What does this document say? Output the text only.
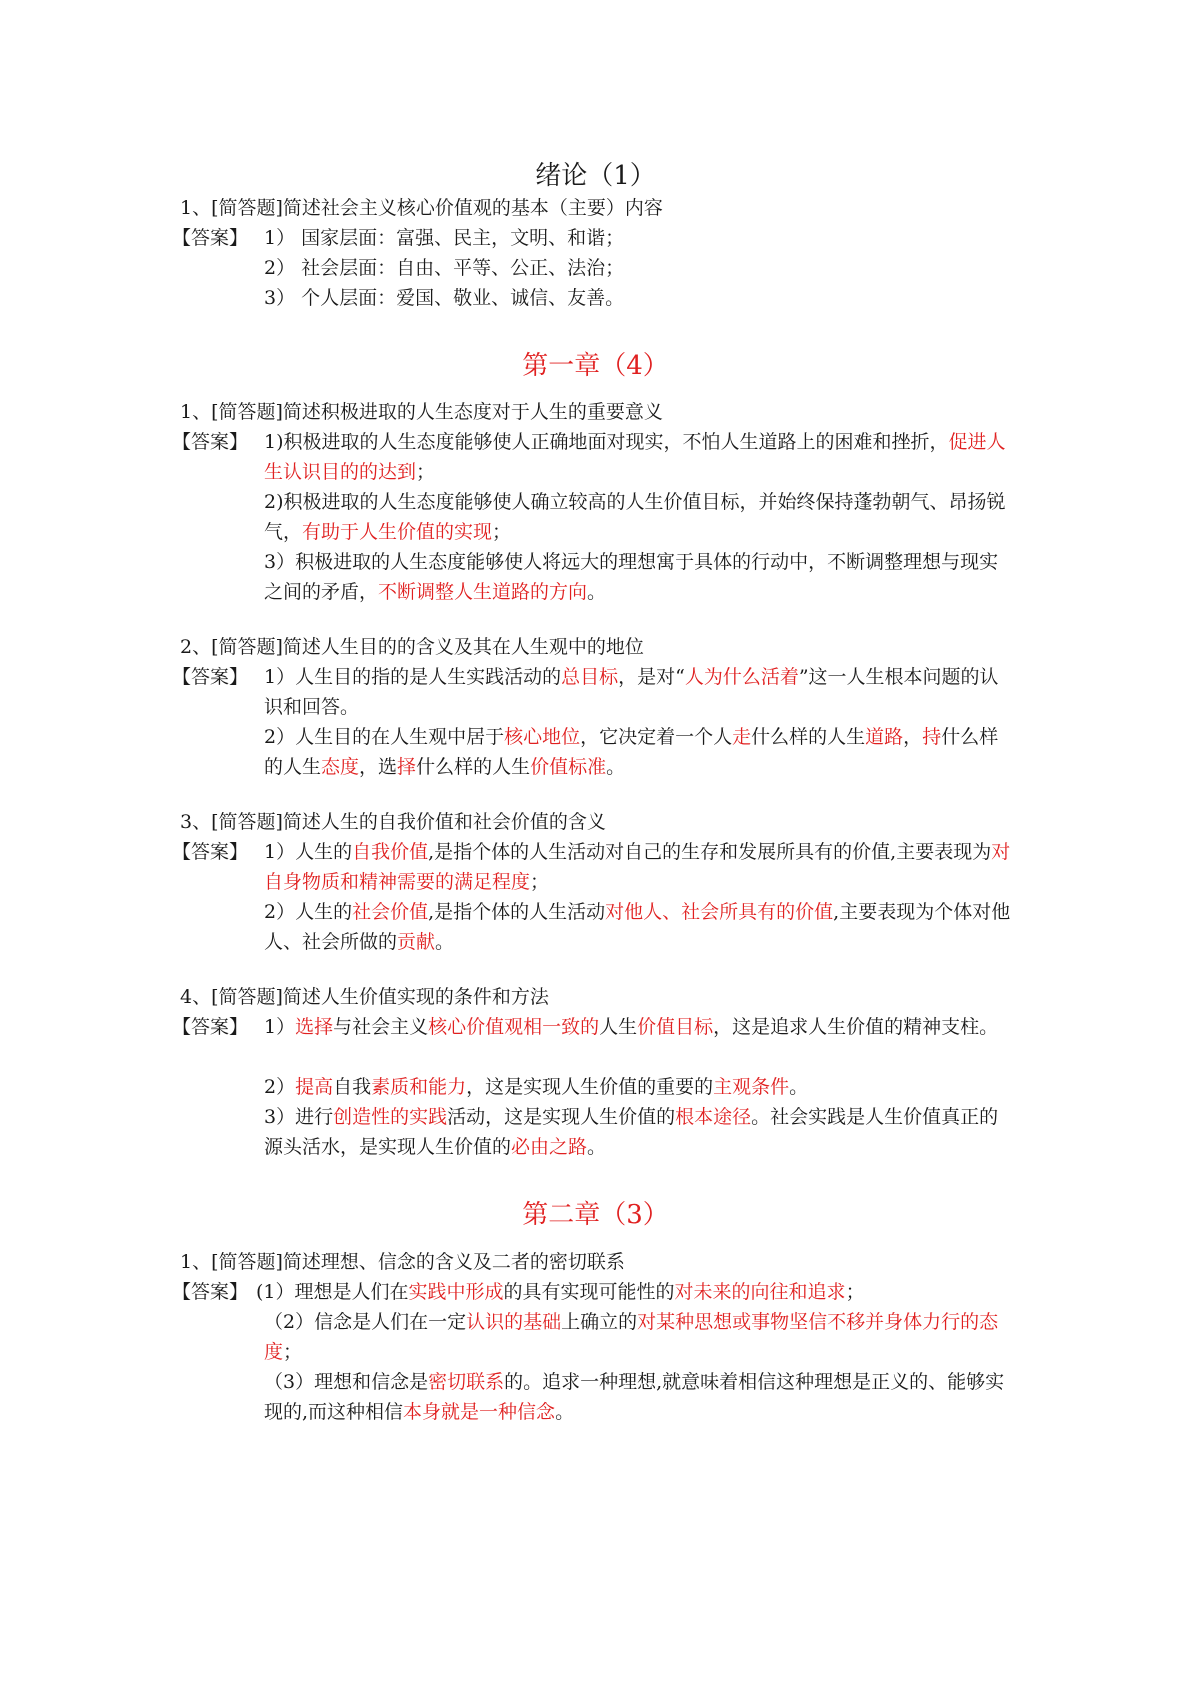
绪论（1）
1、[简答题]简述社会主义核心价值观的基本（主要）内容
【答案】 1） 国家层面：富强、民主，文明、和谐；
2） 社会层面：自由、平等、公正、法治；
3） 个人层面：爱国、敬业、诚信、友善。
第一章（4）
1、[简答题]简述积极进取的人生态度对于人生的重要意义
【答案】 1)积极进取的人生态度能够使人正确地面对现实，不怕人生道路上的困难和挫折，促进人生认识目的的达到；
2)积极进取的人生态度能够使人确立较高的人生价值目标，并始终保持蓬勃朝气、昂扬锐气，有助于人生价值的实现；
3）积极进取的人生态度能够使人将远大的理想寓于具体的行动中，不断调整理想与现实之间的矛盾，不断调整人生道路的方向。
2、[简答题]简述人生目的的含义及其在人生观中的地位
【答案】 1）人生目的指的是人生实践活动的总目标，是对“人为什么活着”这一人生根本问题的认识和回答。
2）人生目的在人生观中居于核心地位，它决定着一个人走什么样的人生道路，持什么样的人生态度，选择什么样的人生价值标准。
3、[简答题]简述人生的自我价值和社会价值的含义
【答案】 1）人生的自我价值,是指个体的人生活动对自己的生存和发展所具有的价值,主要表现为对自身物质和精神需要的满足程度；
2）人生的社会价值,是指个体的人生活动对他人、社会所具有的价值,主要表现为个体对他人、社会所做的贡献。
4、[简答题]简述人生价值实现的条件和方法
【答案】 1）选择与社会主义核心价值观相一致的人生价值目标，这是追求人生价值的精神支柱。
2）提高自我素质和能力，这是实现人生价值的重要的主观条件。
3）进行创造性的实践活动，这是实现人生价值的根本途径。社会实践是人生价值真正的源头活水，是实现人生价值的必由之路。
第二章（3）
1、[简答题]简述理想、信念的含义及二者的密切联系
【答案】 (1）理想是人们在实践中形成的具有实现可能性的对未来的向往和追求；
（2）信念是人们在一定认识的基础上确立的对某种思想或事物坚信不移并身体力行的态度；
（3）理想和信念是密切联系的。追求一种理想,就意味着相信这种理想是正义的、能够实现的,而这种相信本身就是一种信念。
